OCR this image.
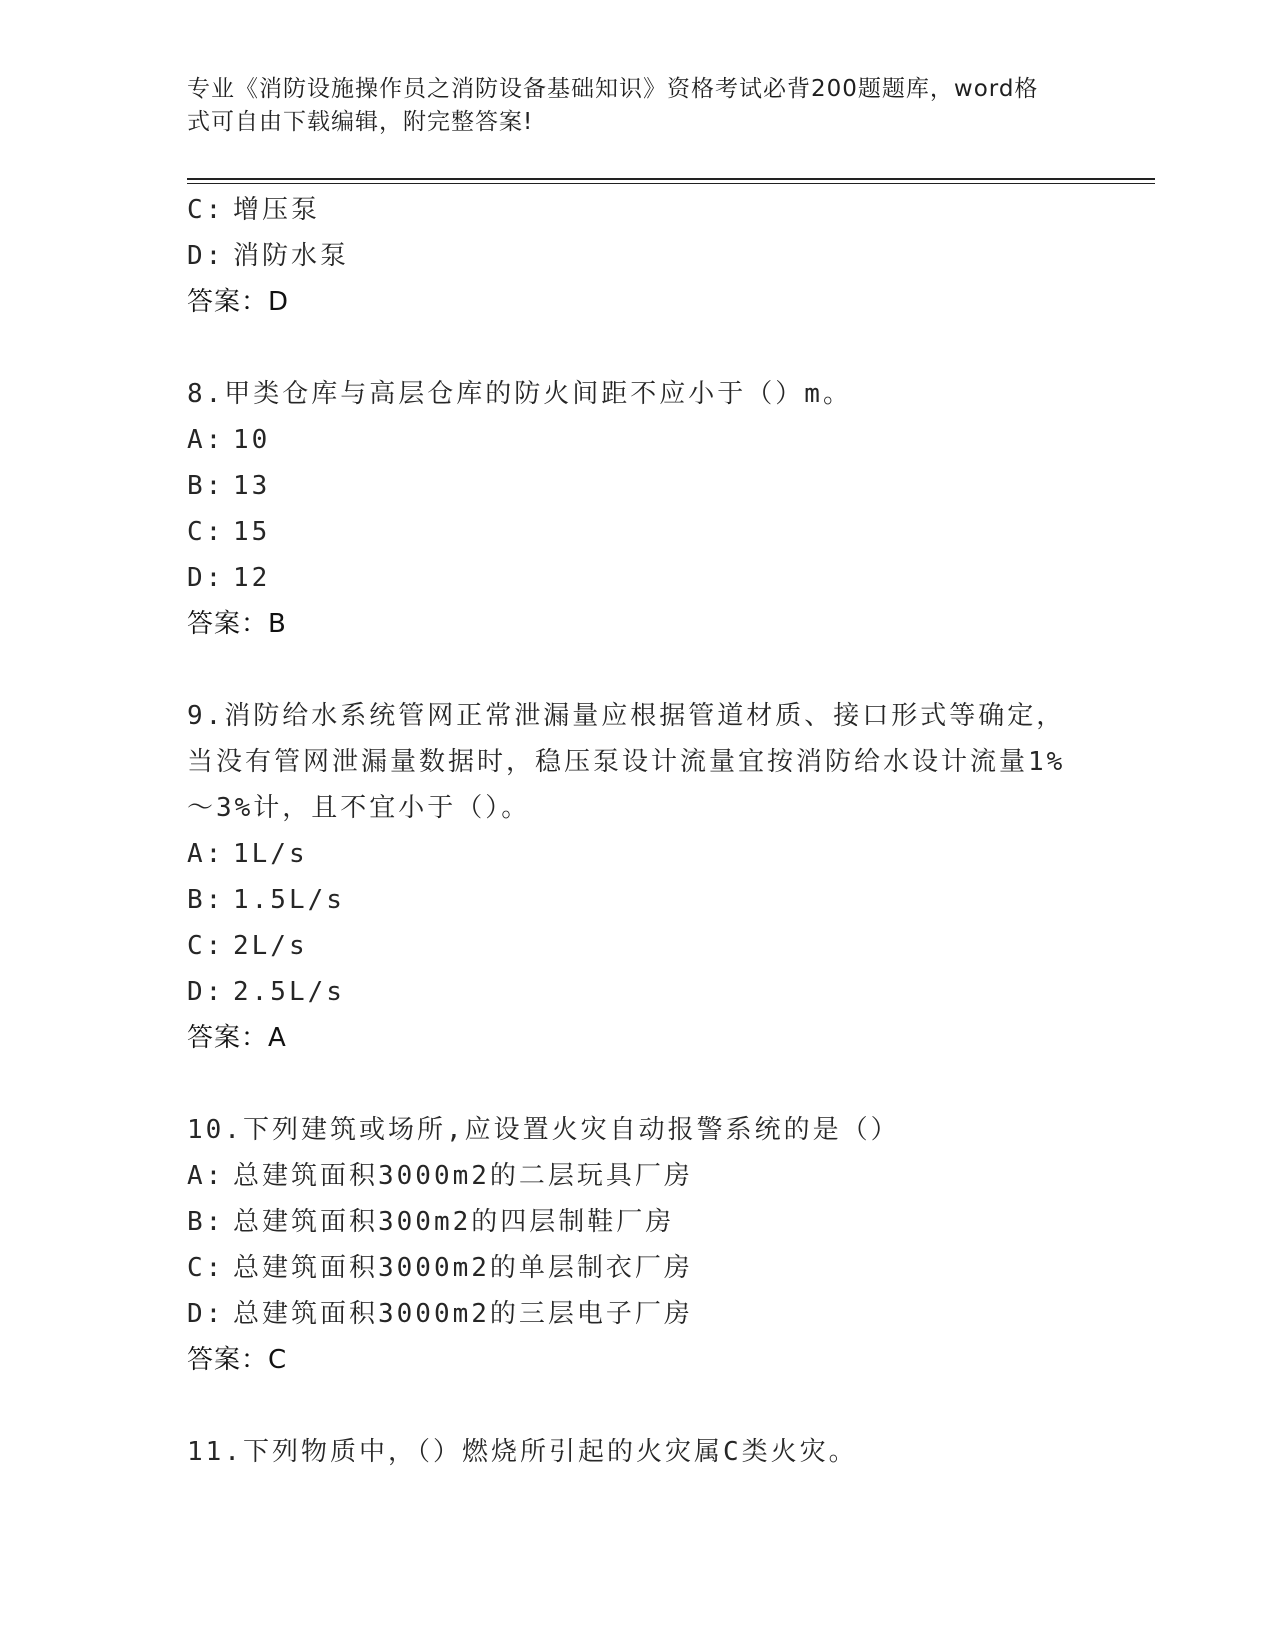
专业《消防设施操作员之消防设备基础知识》资格考试必背200题题库，word格
式可自由下载编辑，附完整答案!
C: 增压泵
D: 消防水泵
答案：D
8.甲类仓库与高层仓库的防火间距不应小于（）m。
A: 10
B: 13
C: 15
D: 12
答案：B
9.消防给水系统管网正常泄漏量应根据管道材质、接口形式等确定，
当没有管网泄漏量数据时，稳压泵设计流量宜按消防给水设计流量1%
～3%计，且不宜小于（）。
A: 1L/s
B: 1.5L/s
C: 2L/s
D: 2.5L/s
答案：A
10.下列建筑或场所,应设置火灾自动报警系统的是（）
A: 总建筑面积3000m2的二层玩具厂房
B: 总建筑面积300m2的四层制鞋厂房
C: 总建筑面积3000m2的单层制衣厂房
D: 总建筑面积3000m2的三层电子厂房
答案：C
11.下列物质中，（）燃烧所引起的火灾属C类火灾。
